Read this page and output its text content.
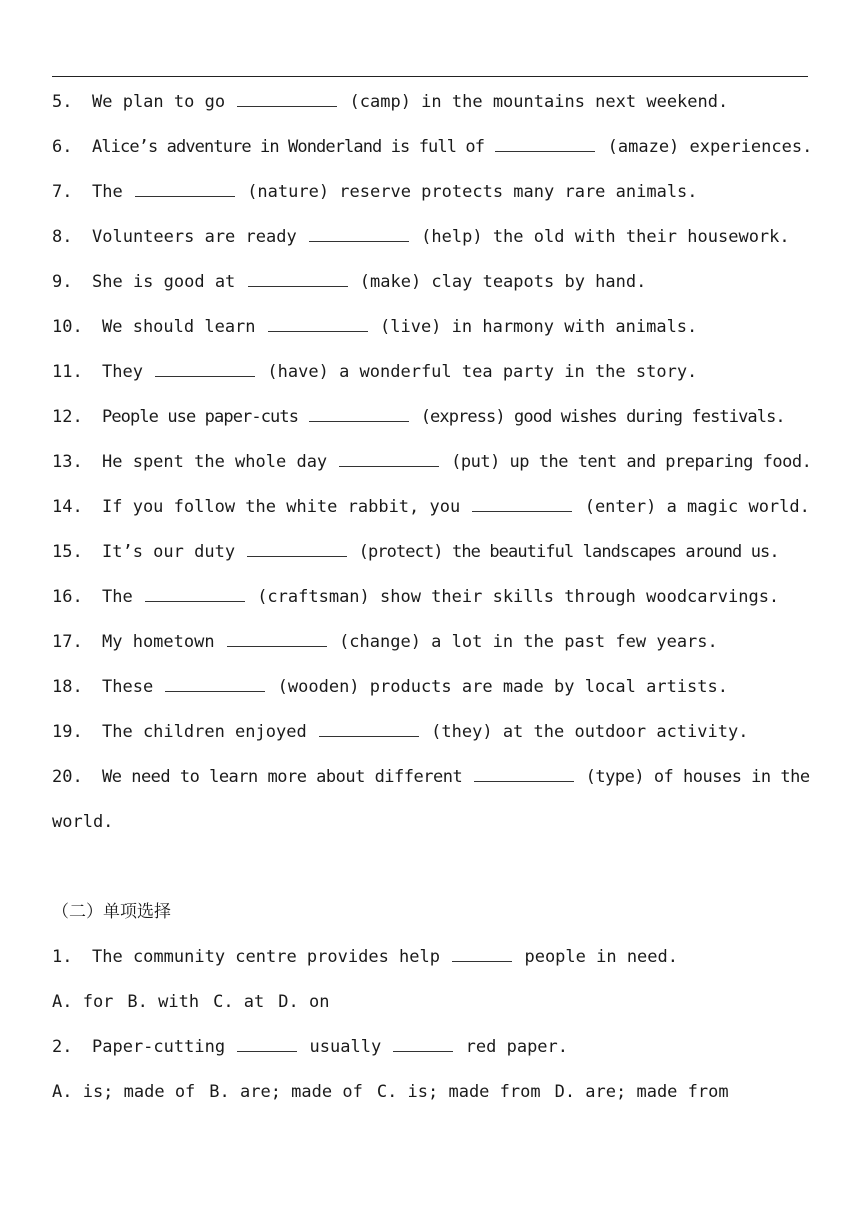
5. We plan to go	(camp) in the mountains next weekend.
6. Alice’s adventure in Wonderland is full of	(amaze) experiences.
7. The	(nature) reserve protects many rare animals.
8. Volunteers are ready	(help) the old with their housework.
9. She is good at	(make) clay teapots by hand.
10. We should learn	(live) in harmony with animals.
11. They	(have) a wonderful tea party in the story.
12. People use paper-cuts	(express) good wishes during festivals.
13. He spent the whole day	(put) up the tent and preparing food.
14. If you follow the white rabbit, you	(enter) a magic world.
15. It’s our duty	(protect) the beautiful landscapes around us.
16. The	(craftsman) show their skills through woodcarvings.
17. My hometown	(change) a lot in the past few years.
18. These	(wooden) products are made by local artists.
19. The children enjoyed	(they) at the outdoor activity.
20. We need to learn more about different	(type) of houses in the
world.
（二）单项选择
1. The community centre provides help	people in need.
A. for B. with C. at D. on
2. Paper-cutting	usually	red paper.
A. is; made of B. are; made of C. is; made from D. are; made from
